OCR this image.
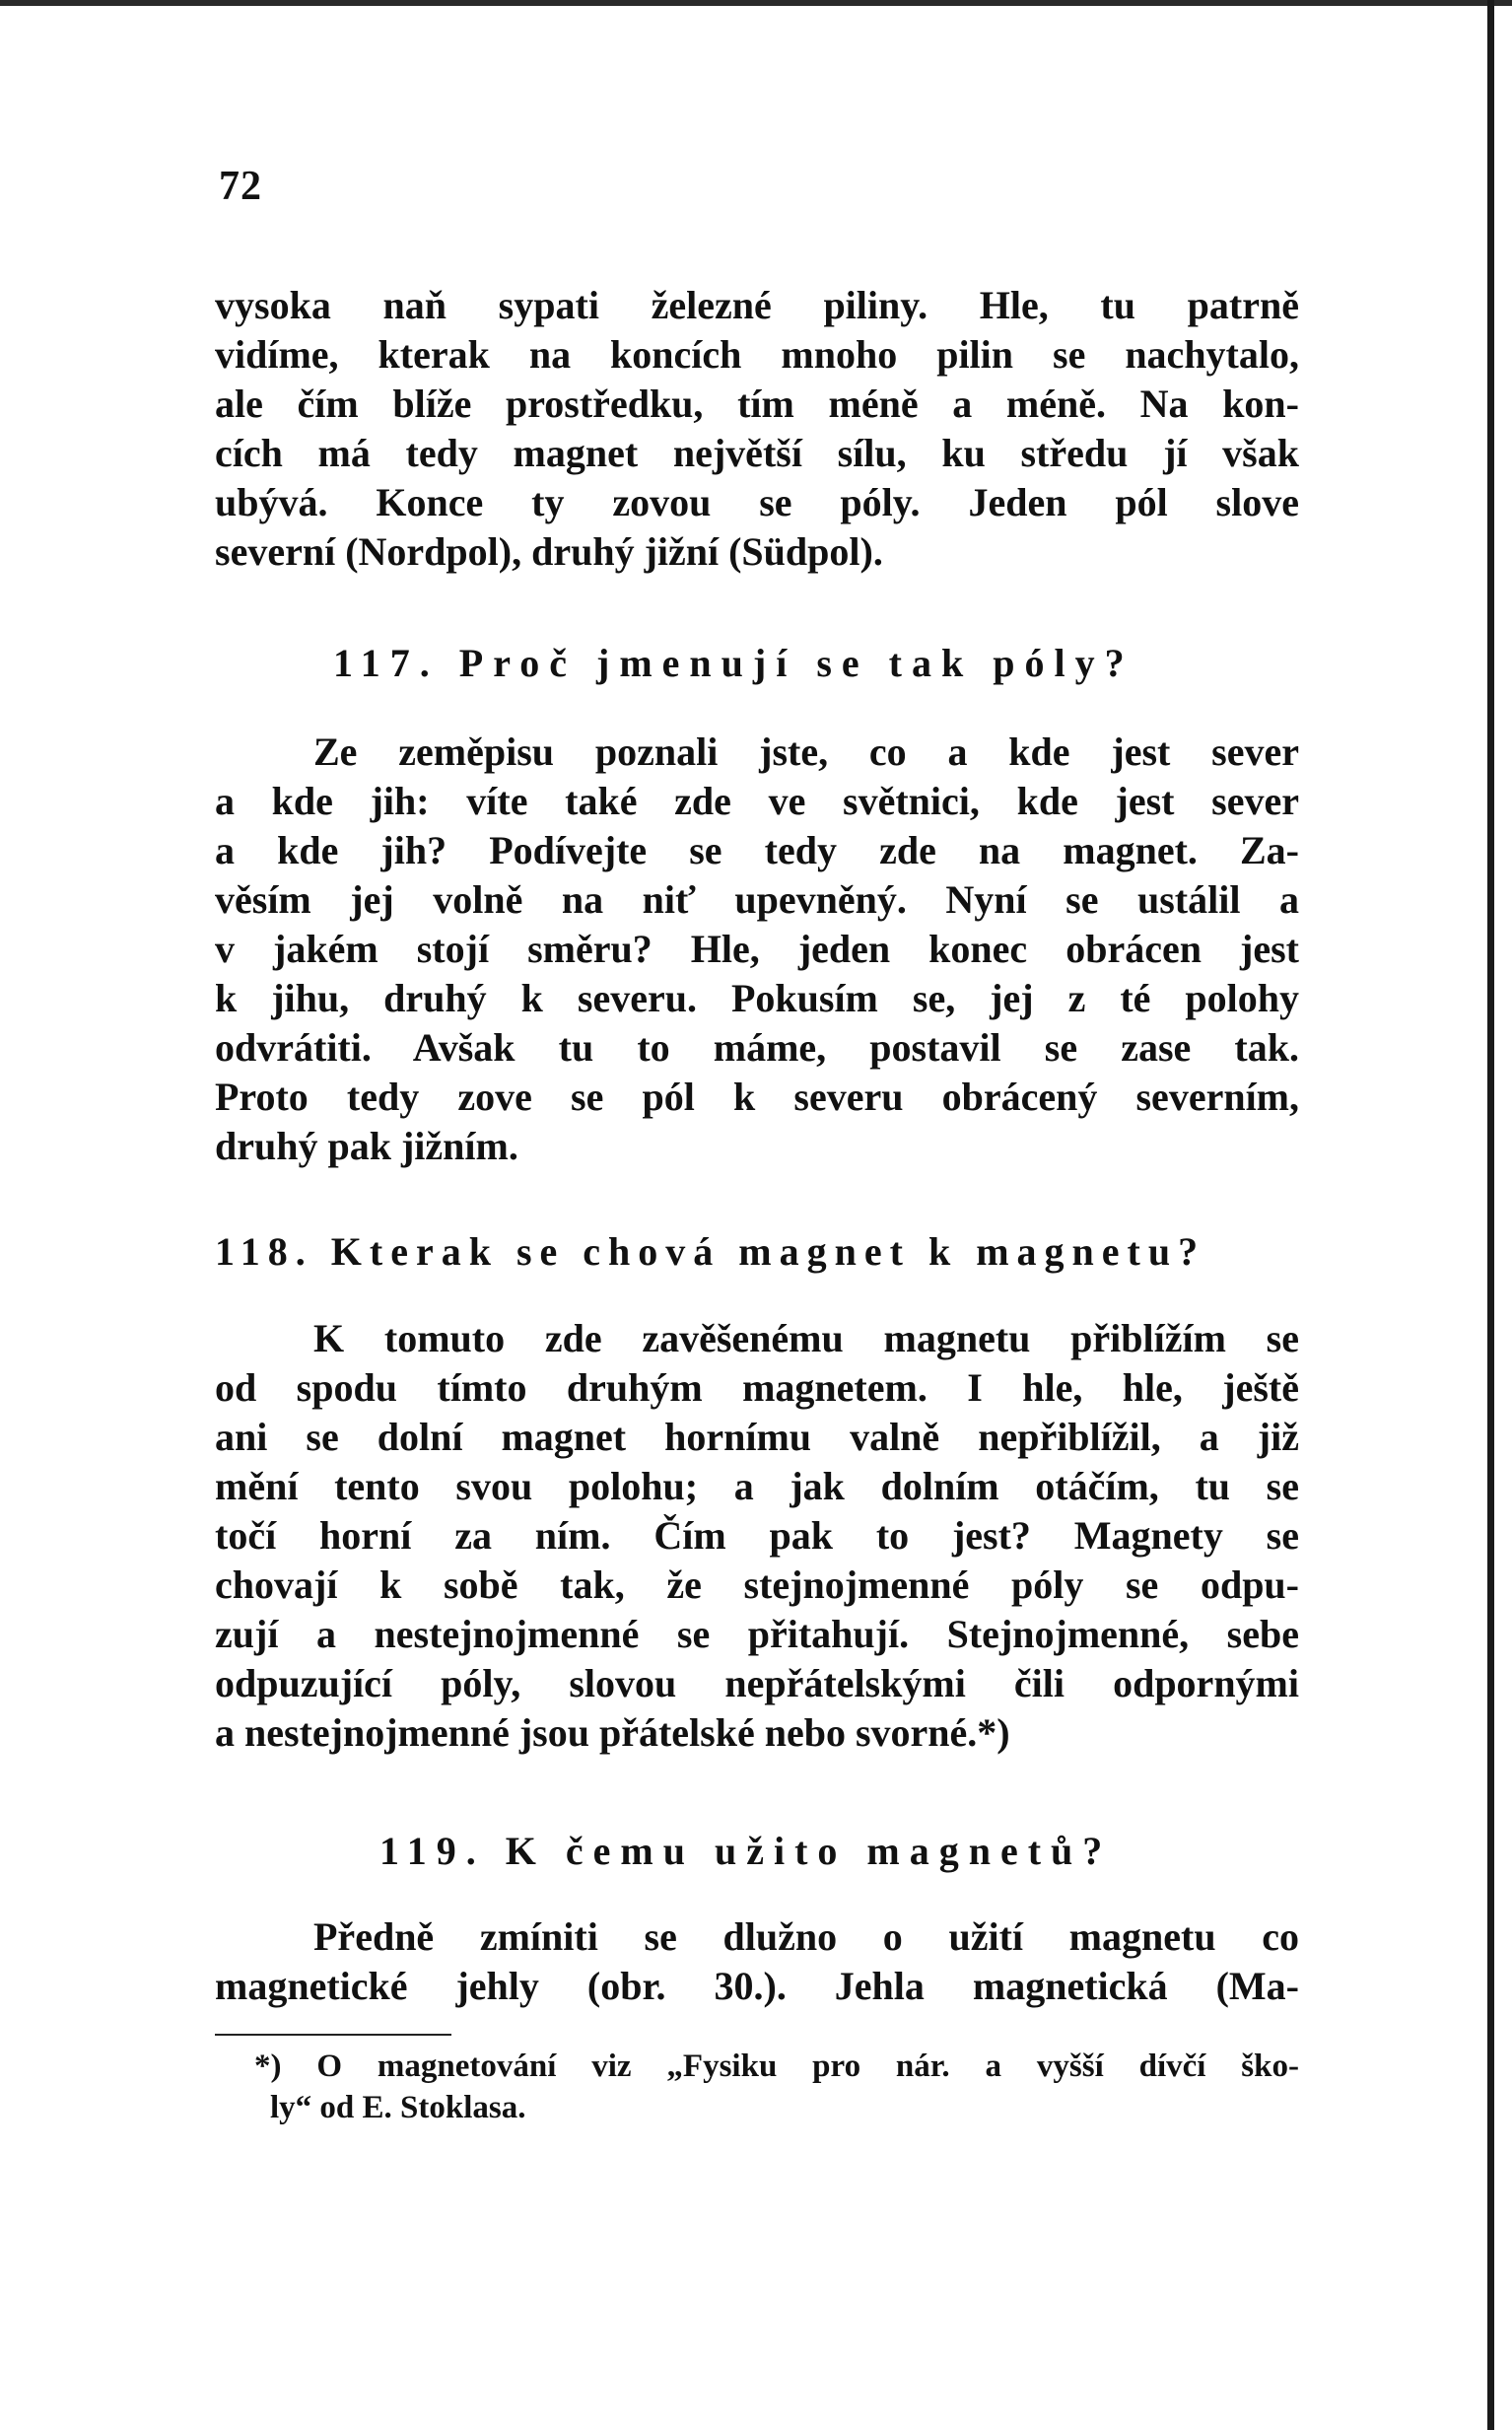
72
vysoka naň sypati železné piliny. Hle, tu patrně
vidíme, kterak na koncích mnoho pilin se nachytalo,
ale čím blíže prostředku, tím méně a méně. Na kon-
cích má tedy magnet největší sílu, ku středu jí však
ubývá. Konce ty zovou se póly. Jeden pól slove
severní (Nordpol), druhý jižní (Südpol).
117. Proč jmenují se tak póly?
Ze zeměpisu poznali jste, co a kde jest sever
a kde jih: víte také zde ve světnici, kde jest sever
a kde jih? Podívejte se tedy zde na magnet. Za-
věsím jej volně na niť upevněný. Nyní se ustálil a
v jakém stojí směru? Hle, jeden konec obrácen jest
k jihu, druhý k severu. Pokusím se, jej z té polohy
odvrátiti. Avšak tu to máme, postavil se zase tak.
Proto tedy zove se pól k severu obrácený severním,
druhý pak jižním.
118. Kterak se chová magnet k magnetu?
K tomuto zde zavěšenému magnetu přiblížím se
od spodu tímto druhým magnetem. I hle, hle, ještě
ani se dolní magnet hornímu valně nepřiblížil, a již
mění tento svou polohu; a jak dolním otáčím, tu se
točí horní za ním. Čím pak to jest? Magnety se
chovají k sobě tak, že stejnojmenné póly se odpu-
zují a nestejnojmenné se přitahují. Stejnojmenné, sebe
odpuzující póly, slovou nepřátelskými čili odpornými
a nestejnojmenné jsou přátelské nebo svorné.*)
119. K čemu užito magnetů?
Předně zmíniti se dlužno o užití magnetu co
magnetické jehly (obr. 30.). Jehla magnetická (Ma-
*) O magnetování viz „Fysiku pro nár. a vyšší dívčí ško-
ly“ od E. Stoklasa.
